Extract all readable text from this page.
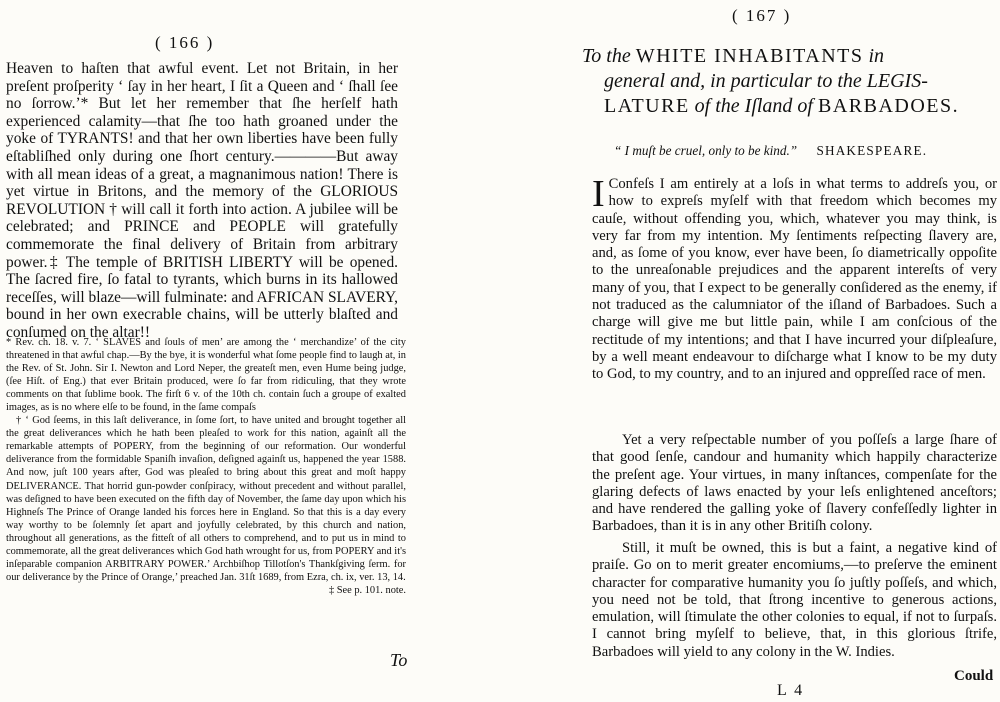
( 166 )

Heaven to haſten that awful event. Let not Britain, in her preſent proſperity ‘ ſay in her heart, I ſit a Queen and ‘ ſhall ſee no ſorrow.’* But let her remember that ſhe herſelf hath experienced calamity—that ſhe too hath groaned under the yoke of TYRANTS! and that her own liberties have been fully eſtabliſhed only during one ſhort century.————But away with all mean ideas of a great, a magnanimous nation! There is yet virtue in Britons, and the memory of the GLORIOUS REVOLUTION † will call it forth into action. A jubilee will be celebrated; and PRINCE and PEOPLE will gratefully commemorate the final delivery of Britain from arbitrary power.‡ The temple of BRITISH LIBERTY will be opened. The ſacred fire, ſo fatal to tyrants, which burns in its hallowed receſſes, will blaze—will fulminate: and AFRICAN SLAVERY, bound in her own execrable chains, will be utterly blaſted and conſumed on the altar!!

* Rev. ch. 18. v. 7. ‘ SLAVES and ſouls of men’ are among the ‘ merchandize’ of the city threatened in that awful chap.—By the bye, it is wonderful what ſome people find to laugh at, in the Rev. of St. John. Sir I. Newton and Lord Neper, the greateſt men, even Hume being judge, (ſee Hiſt. of Eng.) that ever Britain produced, were ſo far from ridiculing, that they wrote comments on that ſublime book. The firſt 6 v. of the 10th ch. contain ſuch a groupe of exalted images, as is no where elſe to be found, in the ſame compaſs

† ‘ God ſeems, in this laſt deliverance, in ſome ſort, to have united and brought together all the great deliverances which he hath been pleaſed to work for this nation, againſt all the remarkable attempts of POPERY, from the beginning of our reformation. Our wonderful deliverance from the formidable Spaniſh invaſion, deſigned againſt us, happened the year 1588. And now, juſt 100 years after, God was pleaſed to bring about this great and moſt happy DELIVERANCE. That horrid gun-powder conſpiracy, without precedent and without parallel, was deſigned to have been executed on the fifth day of November, the ſame day upon which his Highneſs The Prince of Orange landed his forces here in England. So that this is a day every way worthy to be ſolemnly ſet apart and joyfully celebrated, by this church and nation, throughout all generations, as the fitteſt of all others to comprehend, and to put us in mind to commemorate, all the great deliverances which God hath wrought for us, from POPERY and it's inſeparable companion ARBITRARY POWER.’ Archbiſhop Tillotſon's Thankſgiving ſerm. for our deliverance by the Prince of Orange,’ preached Jan. 31ſt 1689, from Ezra, ch. ix, ver. 13, 14.

‡ See p. 101. note.

To
( 167 )
To the WHITE INHABITANTS in
general and, in particular to the LEGIS-
LATURE of the Iſland of BARBADOES.
“ I muſt be cruel, only to be kind.” SHAKESPEARE.
I Confeſs I am entirely at a loſs in what terms to addreſs you, or how to expreſs myſelf with that freedom which becomes my cauſe, without offending you, which, whatever you may think, is very far from my intention. My ſentiments reſpecting ſlavery are, and, as ſome of you know, ever have been, ſo diametrically oppoſite to the unreaſonable prejudices and the apparent intereſts of very many of you, that I expect to be generally conſidered as the enemy, if not traduced as the calumniator of the iſland of Barbadoes. Such a charge will give me but little pain, while I am conſcious of the rectitude of my intentions; and that I have incurred your diſpleaſure, by a well meant endeavour to diſcharge what I know to be my duty to God, to my country, and to an injured and oppreſſed race of men.

Yet a very reſpectable number of you poſſeſs a large ſhare of that good ſenſe, candour and humanity which happily characterize the preſent age. Your virtues, in many inſtances, compenſate for the glaring defects of laws enacted by your leſs enlightened anceſtors; and have rendered the galling yoke of ſlavery confeſſedly lighter in Barbadoes, than it is in any other Britiſh colony.

Still, it muſt be owned, this is but a faint, a negative kind of praiſe. Go on to merit greater encomiums,—to preſerve the eminent character for comparative humanity you ſo juſtly poſſeſs, and which, you need not be told, that ſtrong incentive to generous actions, emulation, will ſtimulate the other colonies to equal, if not to ſurpaſs. I cannot bring myſelf to believe, that, in this glorious ſtrife, Barbadoes will yield to any colony in the W. Indies.

L 4
Could
